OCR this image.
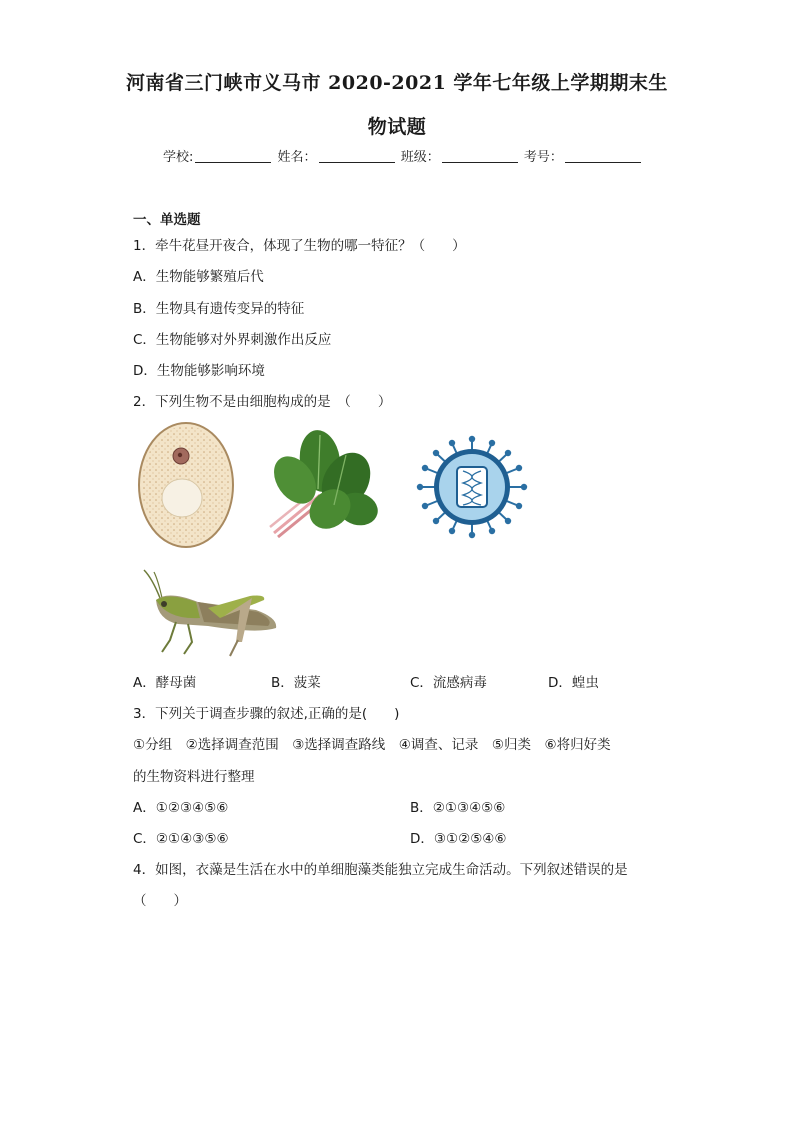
河南省三门峡市义马市 2020-2021 学年七年级上学期期末生
物试题
学校:	姓名：	班级：	考号：
一、单选题
1．牵牛花昼开夜合，体现了生物的哪一特征？（　　）
A．生物能够繁殖后代
B．生物具有遗传变异的特征
C．生物能够对外界刺激作出反应
D．生物能够影响环境
2．下列生物不是由细胞构成的是　（　　）
A．酵母菌	B．菠菜	C．流感病毒	D．蝗虫
3．下列关于调查步骤的叙述,正确的是(　　)
①分组　②选择调查范围　③选择调查路线　④调查、记录　⑤归类　⑥将归好类
的生物资料进行整理
A．①②③④⑤⑥	B．②①③④⑤⑥
C．②①④③⑤⑥	D．③①②⑤④⑥
4．如图，衣藻是生活在水中的单细胞藻类能独立完成生命活动。下列叙述错误的是
（　　）
